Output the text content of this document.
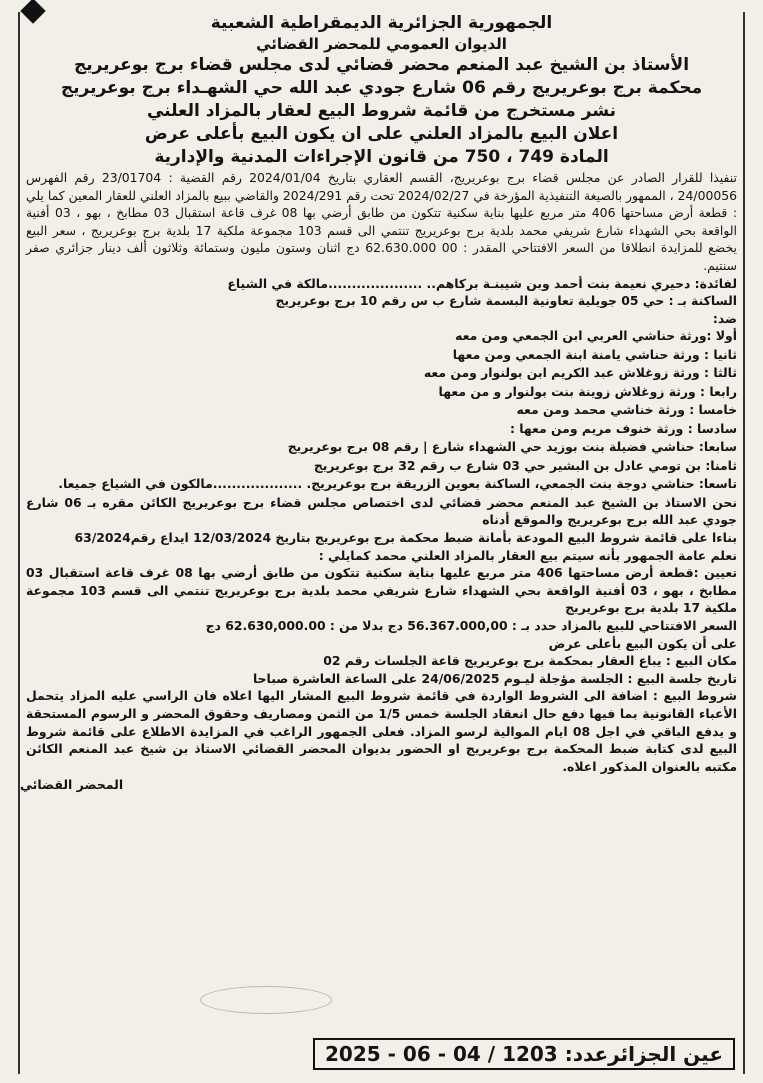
الجمهورية الجزائرية الديمقراطية الشعبية
الديوان العمومي للمحضر القضائي
الأستاذ بن الشيخ عبد المنعم محضر قضائي لدى مجلس قضاء برج بوعريريج
محكمة برج بوعريريج رقم 06 شارع جودي عبد الله حي الشهـداء برج بوعريريج
نشر مستخرج من قائمة شروط البيع لعقار بالمزاد العلني
اعلان البيع بالمزاد العلني على ان يكون البيع بأعلى عرض
المادة 749 ، 750 من قانون الإجراءات المدنية والإدارية

تنفيذا للقرار الصادر عن مجلس قضاء برج بوعريريج، القسم العقاري بتاريخ 2024/01/04 رقم القضية : 23/01704 رقم الفهرس 24/00056 ، الممهور بالصيغة التنفيذية المؤرخة في 2024/02/27 تحت رقم 2024/291 والقاضي ببيع بالمزاد العلني للعقار المعين كما يلي : قطعة أرض مساحتها 406 متر مربع عليها بناية سكنية تتكون من طابق أرضي بها 08 غرف قاعة استقبال 03 مطابخ ، بهو ، 03 أفنية الواقعة بحي الشهداء شارع شريفي محمد بلدية برج بوعريريج تنتمي الى قسم 103 مجموعة ملكية 17 بلدية برج بوعريريج ، سعر البيع يخضع للمزايدة انطلاقا من السعر الافتتاحي المقدر : 00 62.630.000 دج اثنان وستون مليون وستمائة وثلاثون ألف دينار جزائري صفر سنتيم.

لفائدة: دحيري نعيمة بنت أحمد وبن شيبنـة بركاهم.. ....................مالكة في الشياع

الساكنة بـ : حي 05 جويلية تعاونية البسمة شارع ب س رقم 10 برج بوعريريج

ضد:

أولا :ورثة حناشي العربي ابن الجمعي ومن معه

ثانيا : ورثة حناشي يامنة ابنة الجمعي ومن معها

ثالثا : ورثة زوغلاش عبد الكريم ابن بولنوار ومن معه

رابعا : ورثة زوغلاش زوينة بنت بولنوار و من معها

خامسا : ورثة خناشي محمد ومن معه

سادسا : ورثة خنوف مريم ومن معها :

سابعا: حناشي فضيلة بنت بوزيد حي الشهداء شارع | رقم 08 برج بوعريريج

ثامنا: بن تومي عادل بن البشير حي 03 شارع ب رقم 32 برج بوعريريج

تاسعا: حناشي دوجة بنت الجمعي، الساكنة بعوين الزريقة برج بوعريريج. ...................مالكون في الشياع جميعا.

نحن الاستاذ بن الشيخ عبد المنعم محضر قضائي لدى اختصاص مجلس قضاء برج بوعريريج الكائن مقره بـ 06 شارع جودي عبد الله برج بوعريريج والموقع أدناه

بناءا على قائمة شروط البيع المودعة بأمانة ضبط محكمة برج بوعريريج بتاريخ 12/03/2024 ايداع رقم63/2024

نعلم عامة الجمهور بأنه سيتم بيع العقار بالمزاد العلني محمد كمايلي :

تعيين :قطعة أرض مساحتها 406 متر مربع عليها بناية سكنية تتكون من طابق أرضي بها 08 غرف قاعة استقبال 03 مطابخ ، بهو ، 03 أفنية الواقعة بحي الشهداء شارع شريفي محمد بلدية برج بوعريريج تنتمي الى قسم 103 مجموعة ملكية 17 بلدية برج بوعريريج

السعر الافتتاحي للبيع بالمزاد حدد بـ : 56.367.000,00 دج بدلا من : 62.630,000.00 دج

على أن يكون البيع بأعلى عرض

مكان البيع : يباع العقار بمحكمة برج بوعريريج قاعة الجلسات رقم 02

تاريخ جلسة البيع : الجلسة مؤجلة ليـوم 24/06/2025 على الساعة العاشرة صباحا

شروط البيع : اضافة الى الشروط الواردة في قائمة شروط البيع المشار اليها اعلاه فان الراسي عليه المزاد يتحمل الأعباء القانونية بما فيها دفع حال انعقاد الجلسة خمس 1/5 من الثمن ومصاريف وحقوق المحضر و الرسوم المستحقة و يدفع الباقي في اجل 08 ايام الموالية لرسو المزاد. فعلى الجمهور الراغب في المزايدة الاطلاع على قائمة شروط البيع لدى كتابة ضبط المحكمة برج بوعريريج او الحضور بديوان المحضر القضائي الاستاذ بن شيخ عبد المنعم الكائن مكتبه بالعنوان المذكور اعلاه.

المحضر القضائي
عين الجزائرعدد: 1203 / 04 - 06 - 2025
